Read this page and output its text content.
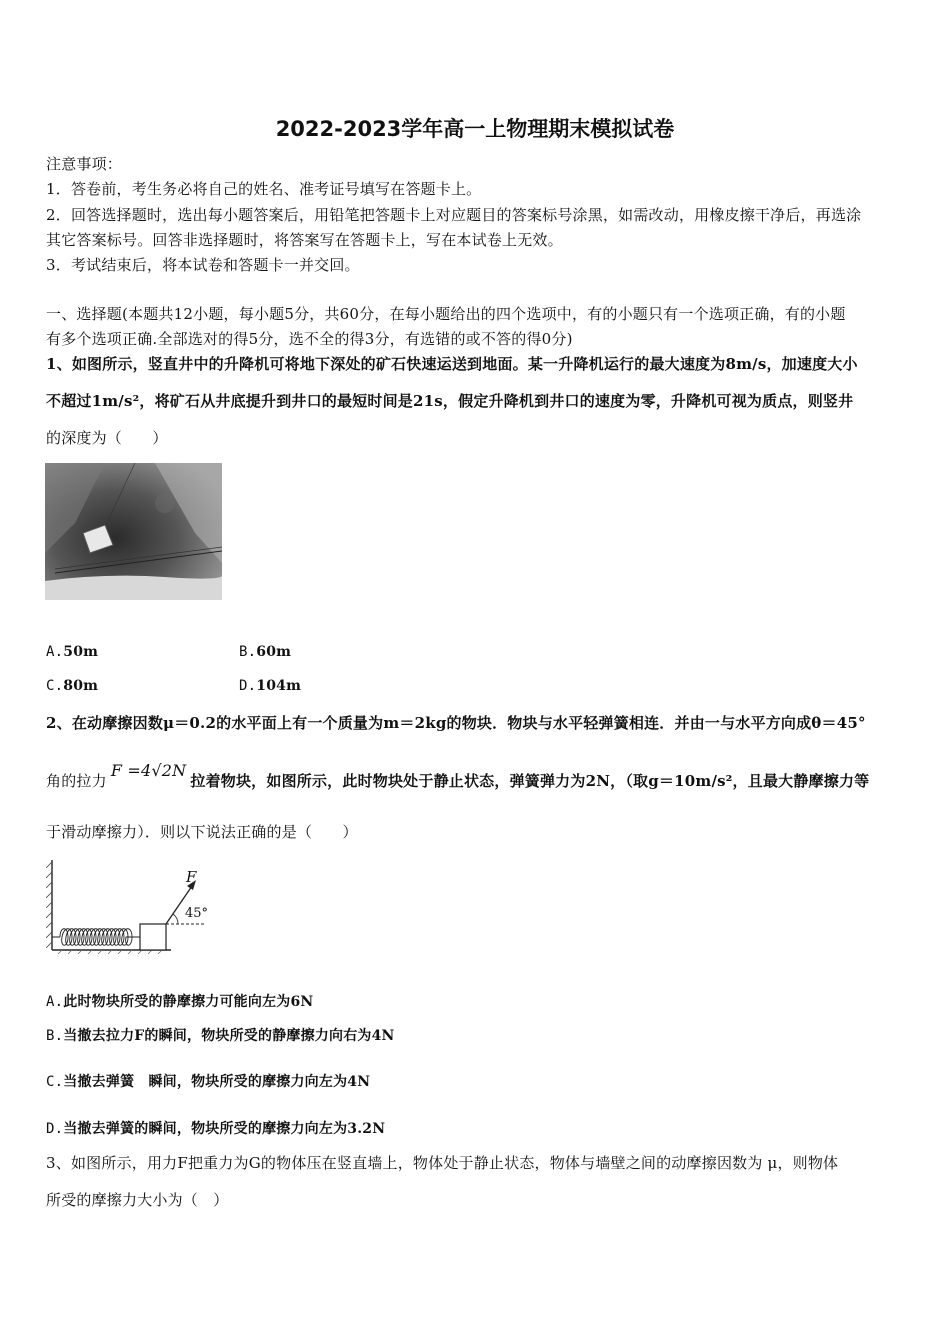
2022-2023学年高一上物理期末模拟试卷
注意事项：
1．答卷前，考生务必将自己的姓名、准考证号填写在答题卡上。
2．回答选择题时，选出每小题答案后，用铅笔把答题卡上对应题目的答案标号涂黑，如需改动，用橡皮擦干净后，再选涂
其它答案标号。回答非选择题时，将答案写在答题卡上，写在本试卷上无效。
3．考试结束后，将本试卷和答题卡一并交回。
一、选择题(本题共12小题，每小题5分，共60分，在每小题给出的四个选项中，有的小题只有一个选项正确，有的小题
有多个选项正确.全部选对的得5分，选不全的得3分，有选错的或不答的得0分)
1、如图所示，竖直井中的升降机可将地下深处的矿石快速运送到地面。某一升降机运行的最大速度为8m/s，加速度大小
不超过1m/s²，将矿石从井底提升到井口的最短时间是21s，假定升降机到井口的速度为零，升降机可视为质点，则竖井
的深度为（　　）
A.50m	B.60m
C.80m	D.104m
2、在动摩擦因数μ＝0.2的水平面上有一个质量为m＝2kg的物块．物块与水平轻弹簧相连．并由一与水平方向成θ＝45°
角的拉力F =4√2N拉着物块，如图所示，此时物块处于静止状态，弹簧弹力为2N，（取g＝10m/s²，且最大静摩擦力等
于滑动摩擦力）．则以下说法正确的是（　　）
F
45°
A.此时物块所受的静摩擦力可能向左为6N
B.当撤去拉力F的瞬间，物块所受的静摩擦力向右为4N
C.当撤去弹簧　瞬间，物块所受的摩擦力向左为4N
D.当撤去弹簧的瞬间，物块所受的摩擦力向左为3.2N
3、如图所示，用力F把重力为G的物体压在竖直墙上，物体处于静止状态，物体与墙壁之间的动摩擦因数为 μ，则物体
所受的摩擦力大小为（　）
